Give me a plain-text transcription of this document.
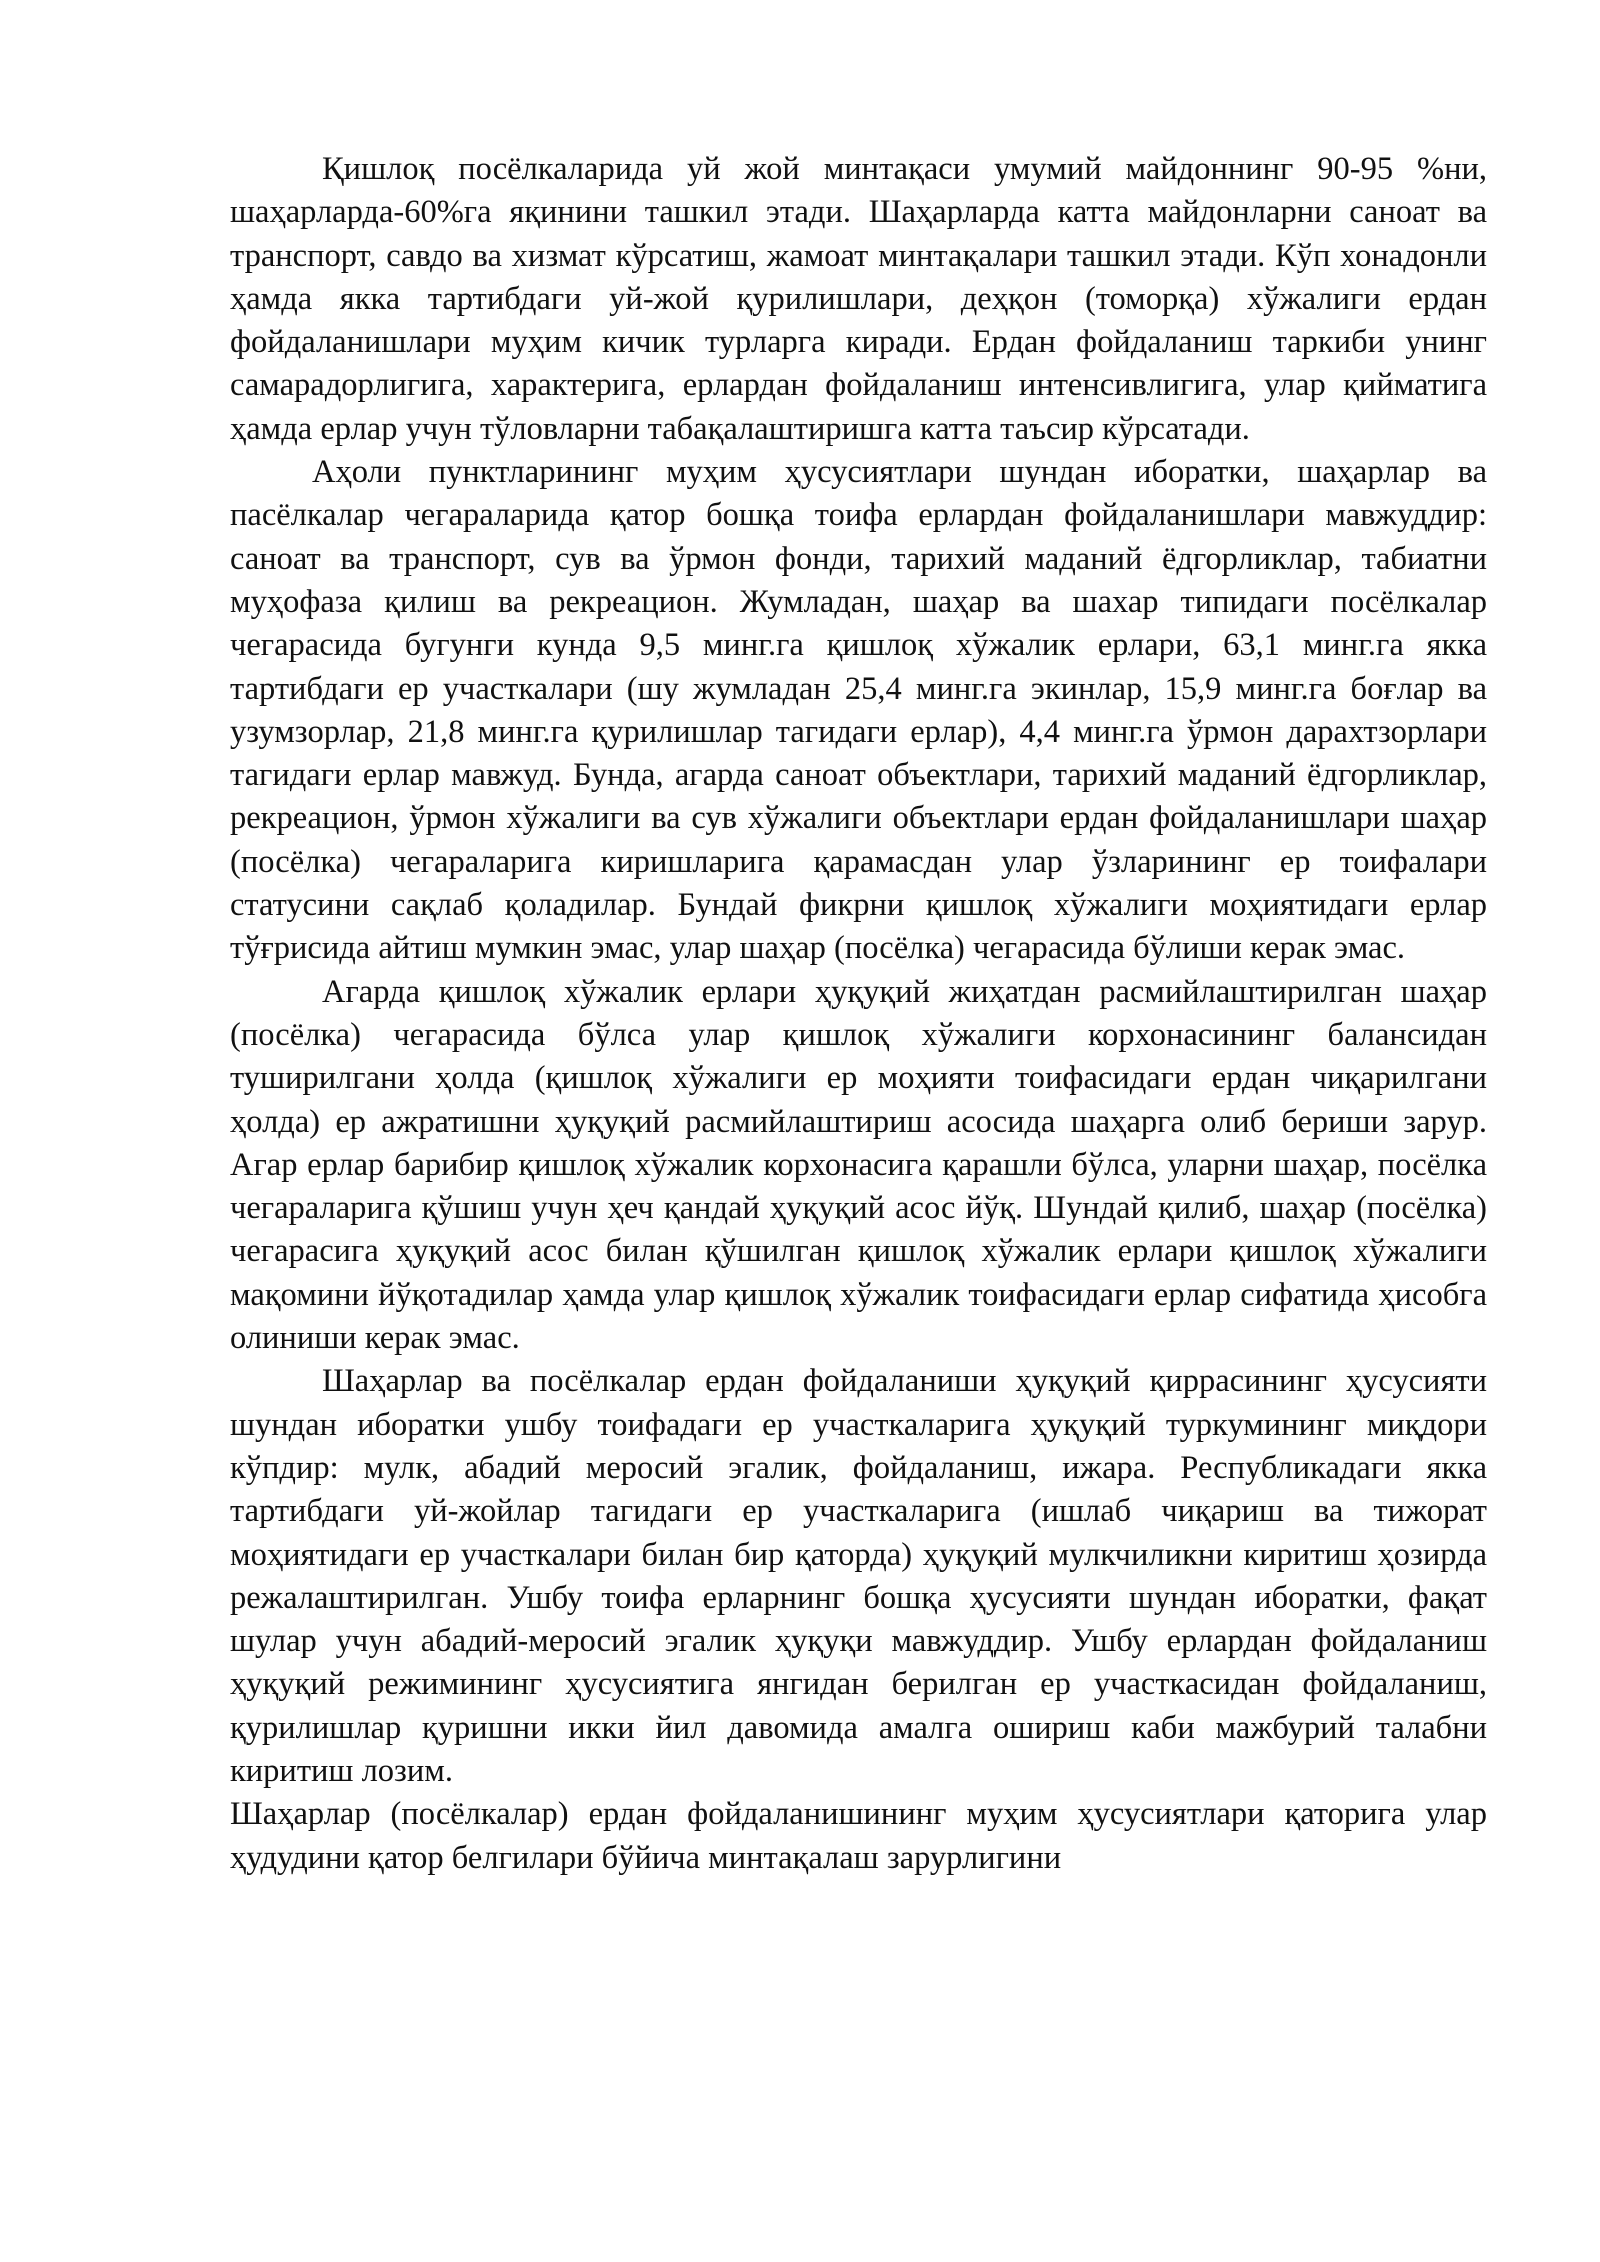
Қишлоқ посёлкаларида уй жой минтақаси умумий майдоннинг 90-95 %ни, шаҳарларда-60%га яқинини ташкил этади. Шаҳарларда катта майдонларни саноат ва транспорт, савдо ва хизмат кўрсатиш, жамоат минтақалари ташкил этади. Кўп хонадонли ҳамда якка тартибдаги уй-жой қурилишлари, деҳқон (томорқа) хўжалиги ердан фойдаланишлари муҳим кичик турларга киради. Ердан фойдаланиш таркиби унинг самарадорлигига, характерига, ерлардан фойдаланиш интенсивлигига, улар қийматига ҳамда ерлар учун тўловларни табақалаштиришга катта таъсир кўрсатади.

Аҳоли пунктларининг муҳим ҳусусиятлари шундан иборатки, шаҳарлар ва пасёлкалар чегараларида қатор бошқа тоифа ерлардан фойдаланишлари мавжуддир: саноат ва транспорт, сув ва ўрмон фонди, тарихий маданий ёдгорликлар, табиатни муҳофаза қилиш ва рекреацион. Жумладан, шаҳар ва шахар типидаги посёлкалар чегарасида бугунги кунда 9,5 минг.га қишлоқ хўжалик ерлари, 63,1 минг.га якка тартибдаги ер участкалари (шу жумладан 25,4 минг.га экинлар, 15,9 минг.га боғлар ва узумзорлар, 21,8 минг.га қурилишлар тагидаги ерлар), 4,4 минг.га ўрмон дарахтзорлари тагидаги ерлар мавжуд. Бунда, агарда саноат объектлари, тарихий маданий ёдгорликлар, рекреацион, ўрмон хўжалиги ва сув хўжалиги объектлари ердан фойдаланишлари шаҳар (посёлка) чегараларига киришларига қарамасдан улар ўзларининг ер тоифалари статусини сақлаб қоладилар. Бундай фикрни қишлоқ хўжалиги моҳиятидаги ерлар тўғрисида айтиш мумкин эмас, улар шаҳар (посёлка) чегарасида бўлиши керак эмас.

Агарда қишлоқ хўжалик ерлари ҳуқуқий жиҳатдан расмийлаштирилган шаҳар (посёлка) чегарасида бўлса улар қишлоқ хўжалиги корхонасининг балансидан туширилгани ҳолда (қишлоқ хўжалиги ер моҳияти тоифасидаги ердан чиқарилгани ҳолда) ер ажратишни ҳуқуқий расмийлаштириш асосида шаҳарга олиб бериши зарур. Агар ерлар барибир қишлоқ хўжалик корхонасига қарашли бўлса, уларни шаҳар, посёлка чегараларига қўшиш учун ҳеч қандай ҳуқуқий асос йўқ. Шундай қилиб, шаҳар (посёлка) чегарасига ҳуқуқий асос билан қўшилган қишлоқ хўжалик ерлари қишлоқ хўжалиги мақомини йўқотадилар ҳамда улар қишлоқ хўжалик тоифасидаги ерлар сифатида ҳисобга олиниши керак эмас.

Шаҳарлар ва посёлкалар ердан фойдаланиши ҳуқуқий қиррасининг ҳусусияти шундан иборатки ушбу тоифадаги ер участкаларига ҳуқуқий туркумининг миқдори кўпдир: мулк, абадий меросий эгалик, фойдаланиш, ижара. Республикадаги якка тартибдаги уй-жойлар тагидаги ер участкаларига (ишлаб чиқариш ва тижорат моҳиятидаги ер участкалари билан бир қаторда) ҳуқуқий мулкчиликни киритиш ҳозирда режалаштирилган. Ушбу тоифа ерларнинг бошқа ҳусусияти шундан иборатки, фақат шулар учун абадий-меросий эгалик ҳуқуқи мавжуддир. Ушбу ерлардан фойдаланиш ҳуқуқий режимининг ҳусусиятига янгидан берилган ер участкасидан фойдаланиш, қурилишлар қуришни икки йил давомида амалга ошириш каби мажбурий талабни киритиш лозим.

Шаҳарлар (посёлкалар) ердан фойдаланишининг муҳим ҳусусиятлари қаторига улар ҳудудини қатор белгилари бўйича минтақалаш зарурлигини
